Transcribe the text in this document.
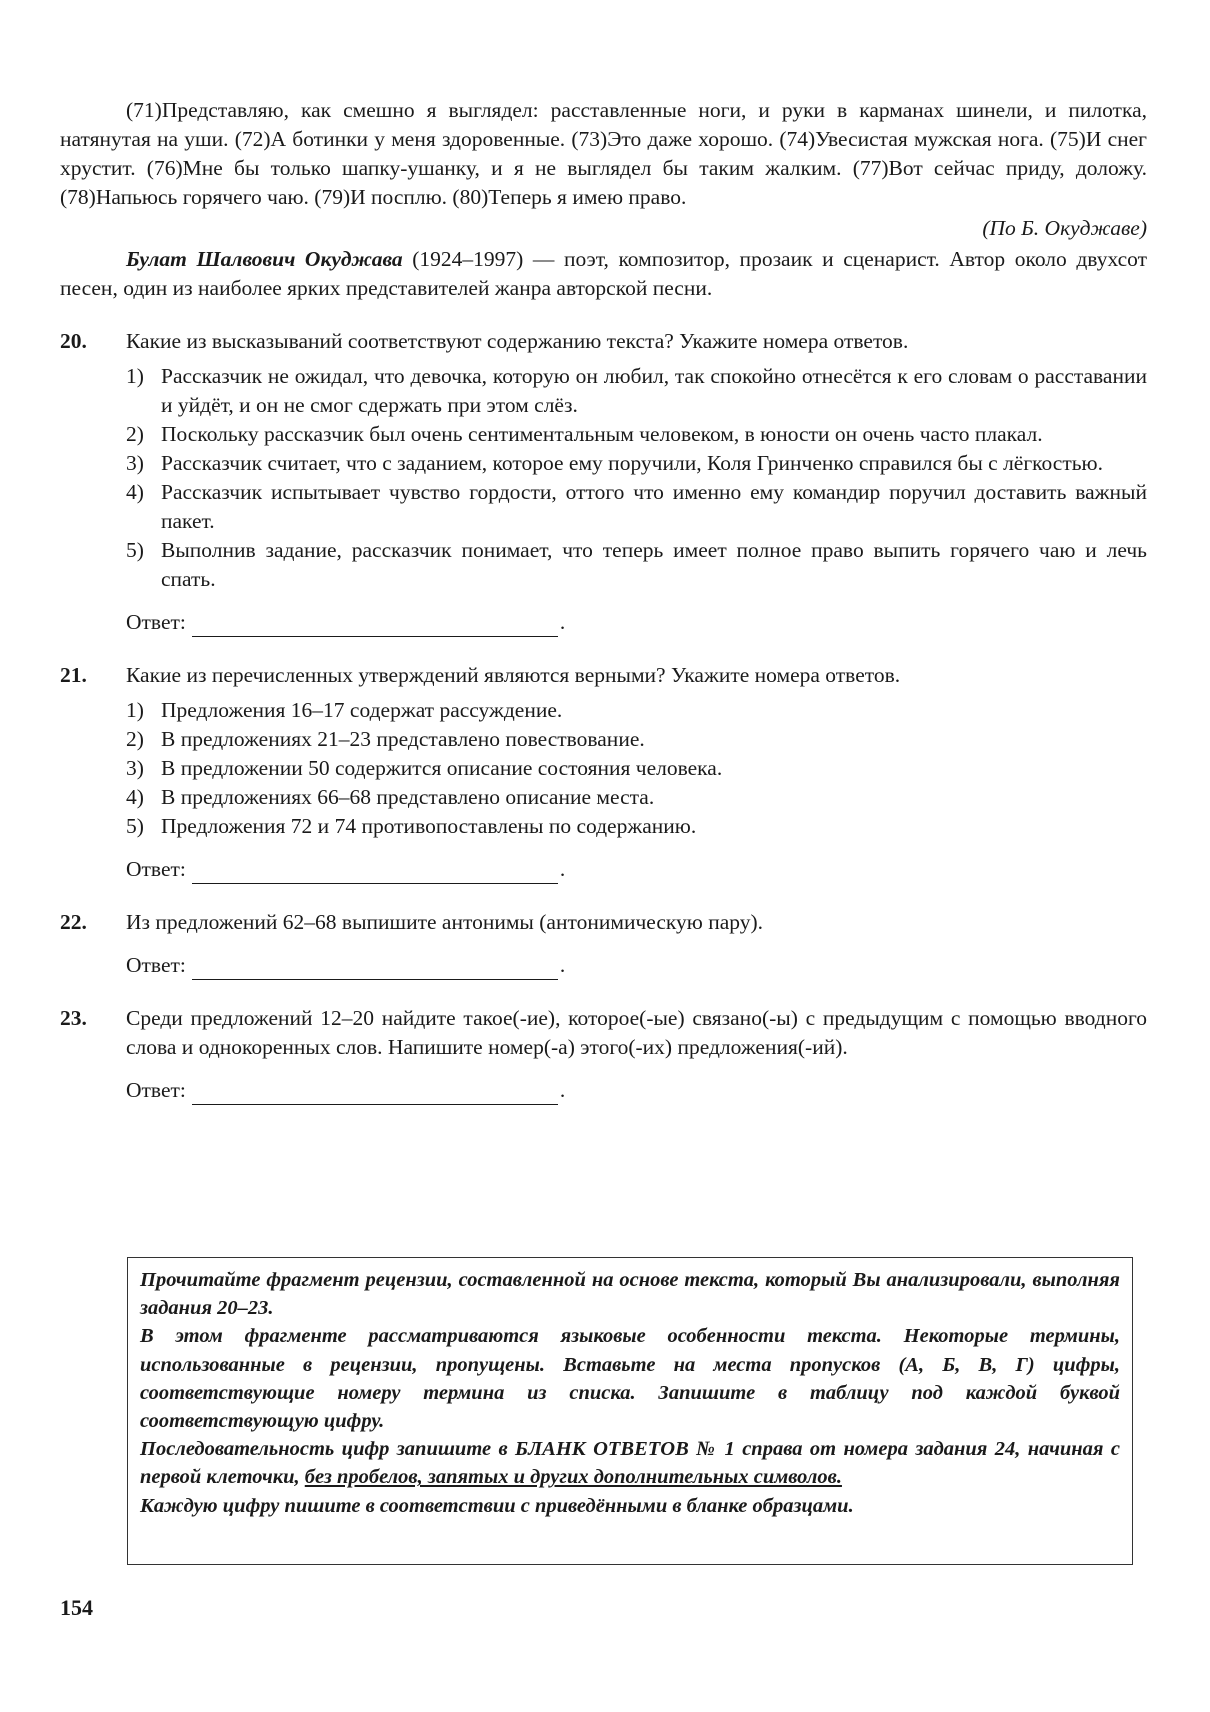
(71)Представляю, как смешно я выглядел: расставленные ноги, и руки в карманах шинели, и пилотка, натянутая на уши. (72)А ботинки у меня здоровенные. (73)Это даже хорошо. (74)Увесистая мужская нога. (75)И снег хрустит. (76)Мне бы только шапку-ушанку, и я не выглядел бы таким жалким. (77)Вот сейчас приду, доложу. (78)Напьюсь горячего чаю. (79)И посплю. (80)Теперь я имею право.

(По Б. Окуджаве)

Булат Шалвович Окуджава (1924–1997) — поэт, композитор, прозаик и сценарист. Автор около двухсот песен, один из наиболее ярких представителей жанра авторской песни.

20.	Какие из высказываний соответствуют содержанию текста? Укажите номера ответов.

1) Рассказчик не ожидал, что девочка, которую он любил, так спокойно отнесётся к его словам о расставании и уйдёт, и он не смог сдержать при этом слёз.
2) Поскольку рассказчик был очень сентиментальным человеком, в юности он очень часто плакал.
3) Рассказчик считает, что с заданием, которое ему поручили, Коля Гринченко справился бы с лёгкостью.
4) Рассказчик испытывает чувство гордости, оттого что именно ему командир поручил доставить важный пакет.
5) Выполнив задание, рассказчик понимает, что теперь имеет полное право выпить горячего чаю и лечь спать.
Ответ:	.
21.	Какие из перечисленных утверждений являются верными? Укажите номера ответов.

1) Предложения 16–17 содержат рассуждение.
2) В предложениях 21–23 представлено повествование.
3) В предложении 50 содержится описание состояния человека.
4) В предложениях 66–68 представлено описание места.
5) Предложения 72 и 74 противопоставлены по содержанию.
Ответ:	.
22.	Из предложений 62–68 выпишите антонимы (антонимическую пару).

Ответ:	.
23.	Среди предложений 12–20 найдите такое(-ие), которое(-ые) связано(-ы) с предыдущим с помощью вводного слова и однокоренных слов. Напишите номер(-а) этого(-их) предложения(-ий).

Ответ:	.

Прочитайте фрагмент рецензии, составленной на основе текста, который Вы анализировали, выполняя задания 20–23.

В этом фрагменте рассматриваются языковые особенности текста. Некоторые термины, использованные в рецензии, пропущены. Вставьте на места пропусков (А, Б, В, Г) цифры, соответствующие номеру термина из списка. Запишите в таблицу под каждой буквой соответствующую цифру.

Последовательность цифр запишите в БЛАНК ОТВЕТОВ № 1 справа от номера задания 24, начиная с первой клеточки, без пробелов, запятых и других дополнительных символов.

Каждую цифру пишите в соответствии с приведёнными в бланке образцами.

154
